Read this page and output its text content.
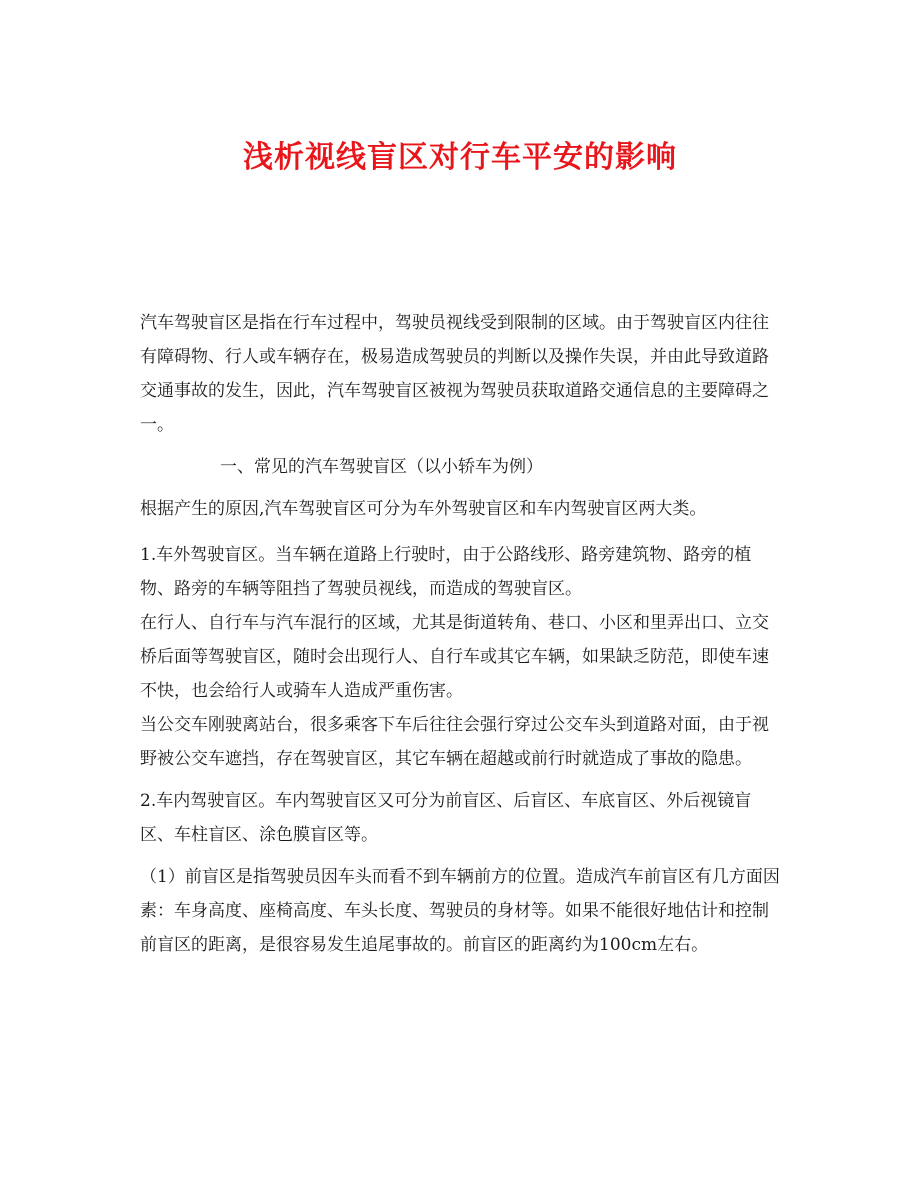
浅析视线盲区对行车平安的影响

汽车驾驶盲区是指在行车过程中，驾驶员视线受到限制的区域。由于驾驶盲区内往往有障碍物、行人或车辆存在，极易造成驾驶员的判断以及操作失误，并由此导致道路交通事故的发生，因此，汽车驾驶盲区被视为驾驶员获取道路交通信息的主要障碍之一。

一、常见的汽车驾驶盲区（以小轿车为例）

根据产生的原因,汽车驾驶盲区可分为车外驾驶盲区和车内驾驶盲区两大类。

1.车外驾驶盲区。当车辆在道路上行驶时，由于公路线形、路旁建筑物、路旁的植物、路旁的车辆等阻挡了驾驶员视线，而造成的驾驶盲区。

在行人、自行车与汽车混行的区域，尤其是街道转角、巷口、小区和里弄出口、立交桥后面等驾驶盲区，随时会出现行人、自行车或其它车辆，如果缺乏防范，即使车速不快，也会给行人或骑车人造成严重伤害。

当公交车刚驶离站台，很多乘客下车后往往会强行穿过公交车头到道路对面，由于视野被公交车遮挡，存在驾驶盲区，其它车辆在超越或前行时就造成了事故的隐患。

2.车内驾驶盲区。车内驾驶盲区又可分为前盲区、后盲区、车底盲区、外后视镜盲区、车柱盲区、涂色膜盲区等。

（1）前盲区是指驾驶员因车头而看不到车辆前方的位置。造成汽车前盲区有几方面因素：车身高度、座椅高度、车头长度、驾驶员的身材等。如果不能很好地估计和控制前盲区的距离，是很容易发生追尾事故的。前盲区的距离约为100cm左右。
